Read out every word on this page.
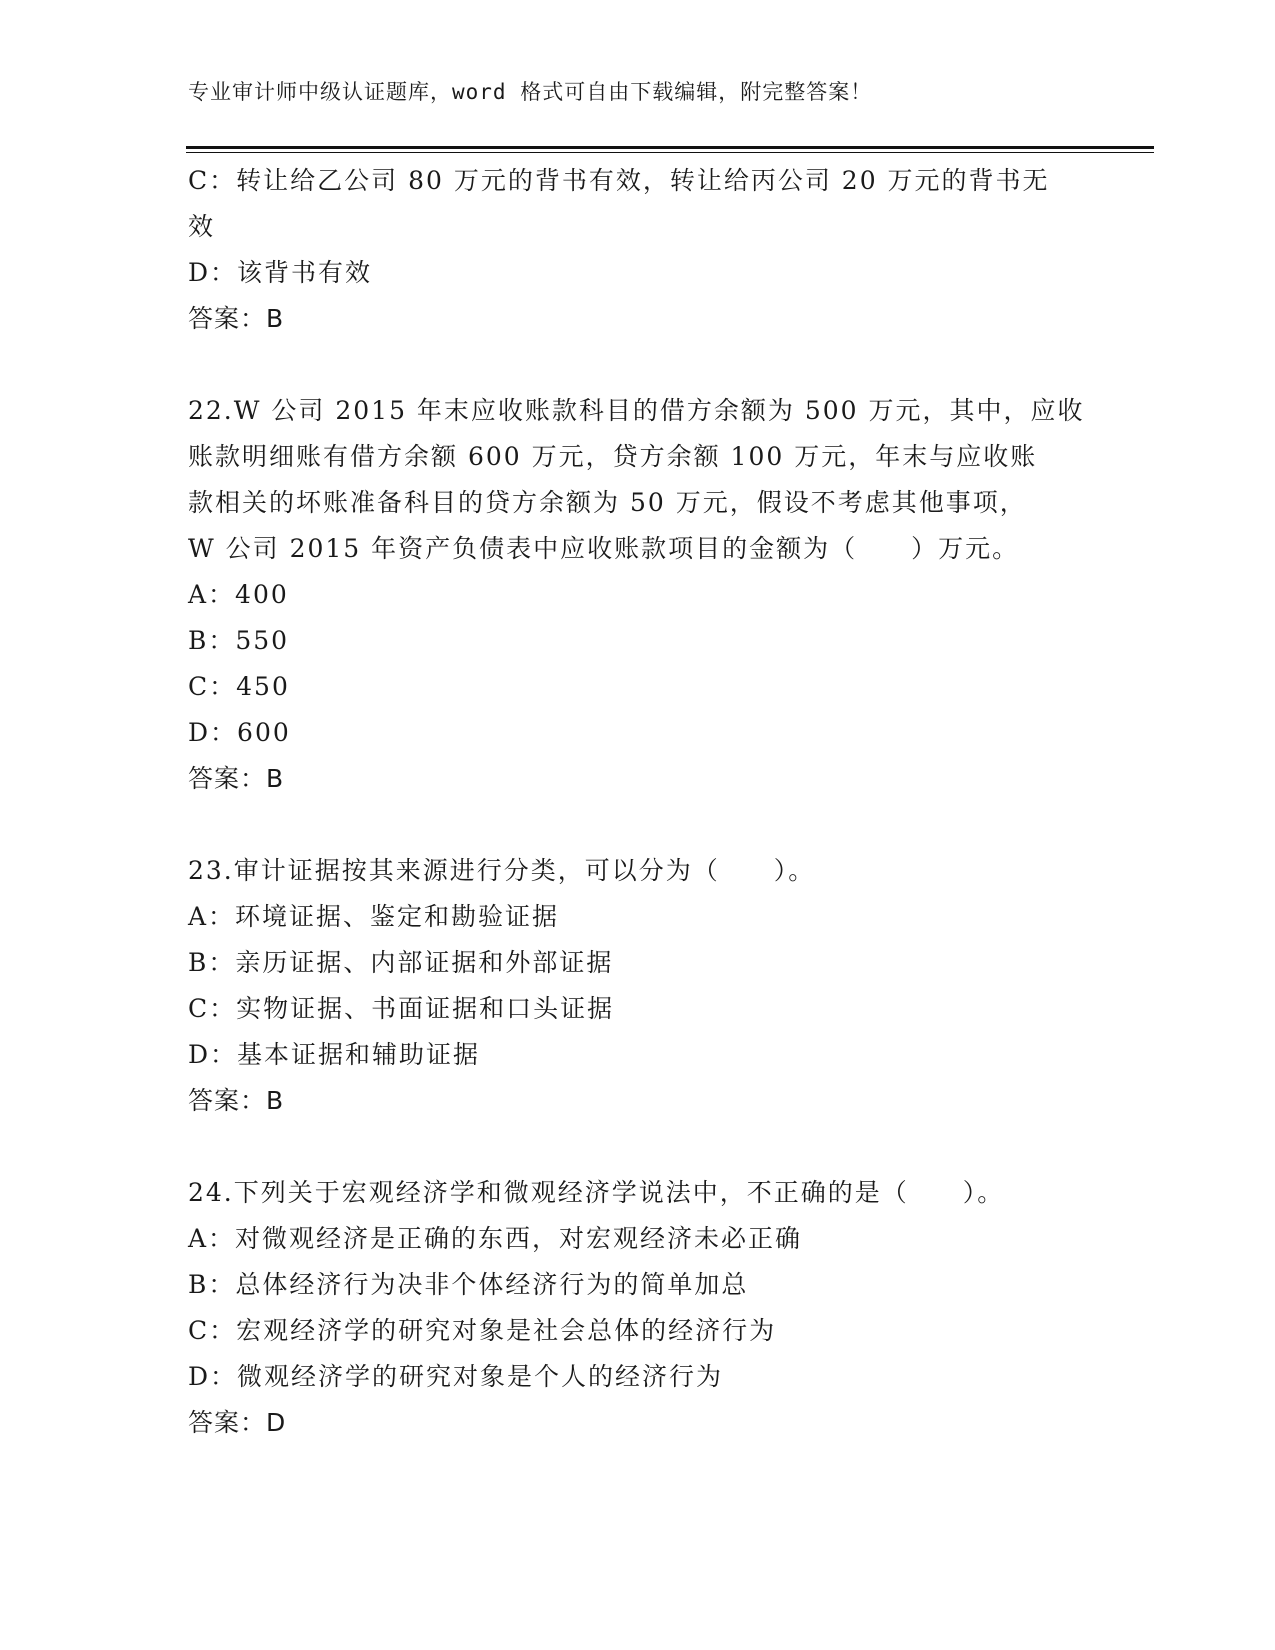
专业审计师中级认证题库，word 格式可自由下载编辑，附完整答案！
C：转让给乙公司 80 万元的背书有效，转让给丙公司 20 万元的背书无
效
D：该背书有效
答案：B
22.W 公司 2015 年末应收账款科目的借方余额为 500 万元，其中，应收
账款明细账有借方余额 600 万元，贷方余额 100 万元，年末与应收账
款相关的坏账准备科目的贷方余额为 50 万元，假设不考虑其他事项，
W 公司 2015 年资产负债表中应收账款项目的金额为（　　）万元。
A：400
B：550
C：450
D：600
答案：B
23.审计证据按其来源进行分类，可以分为（　　）。
A：环境证据、鉴定和勘验证据
B：亲历证据、内部证据和外部证据
C：实物证据、书面证据和口头证据
D：基本证据和辅助证据
答案：B
24.下列关于宏观经济学和微观经济学说法中，不正确的是（　　）。
A：对微观经济是正确的东西，对宏观经济未必正确
B：总体经济行为决非个体经济行为的简单加总
C：宏观经济学的研究对象是社会总体的经济行为
D：微观经济学的研究对象是个人的经济行为
答案：D
